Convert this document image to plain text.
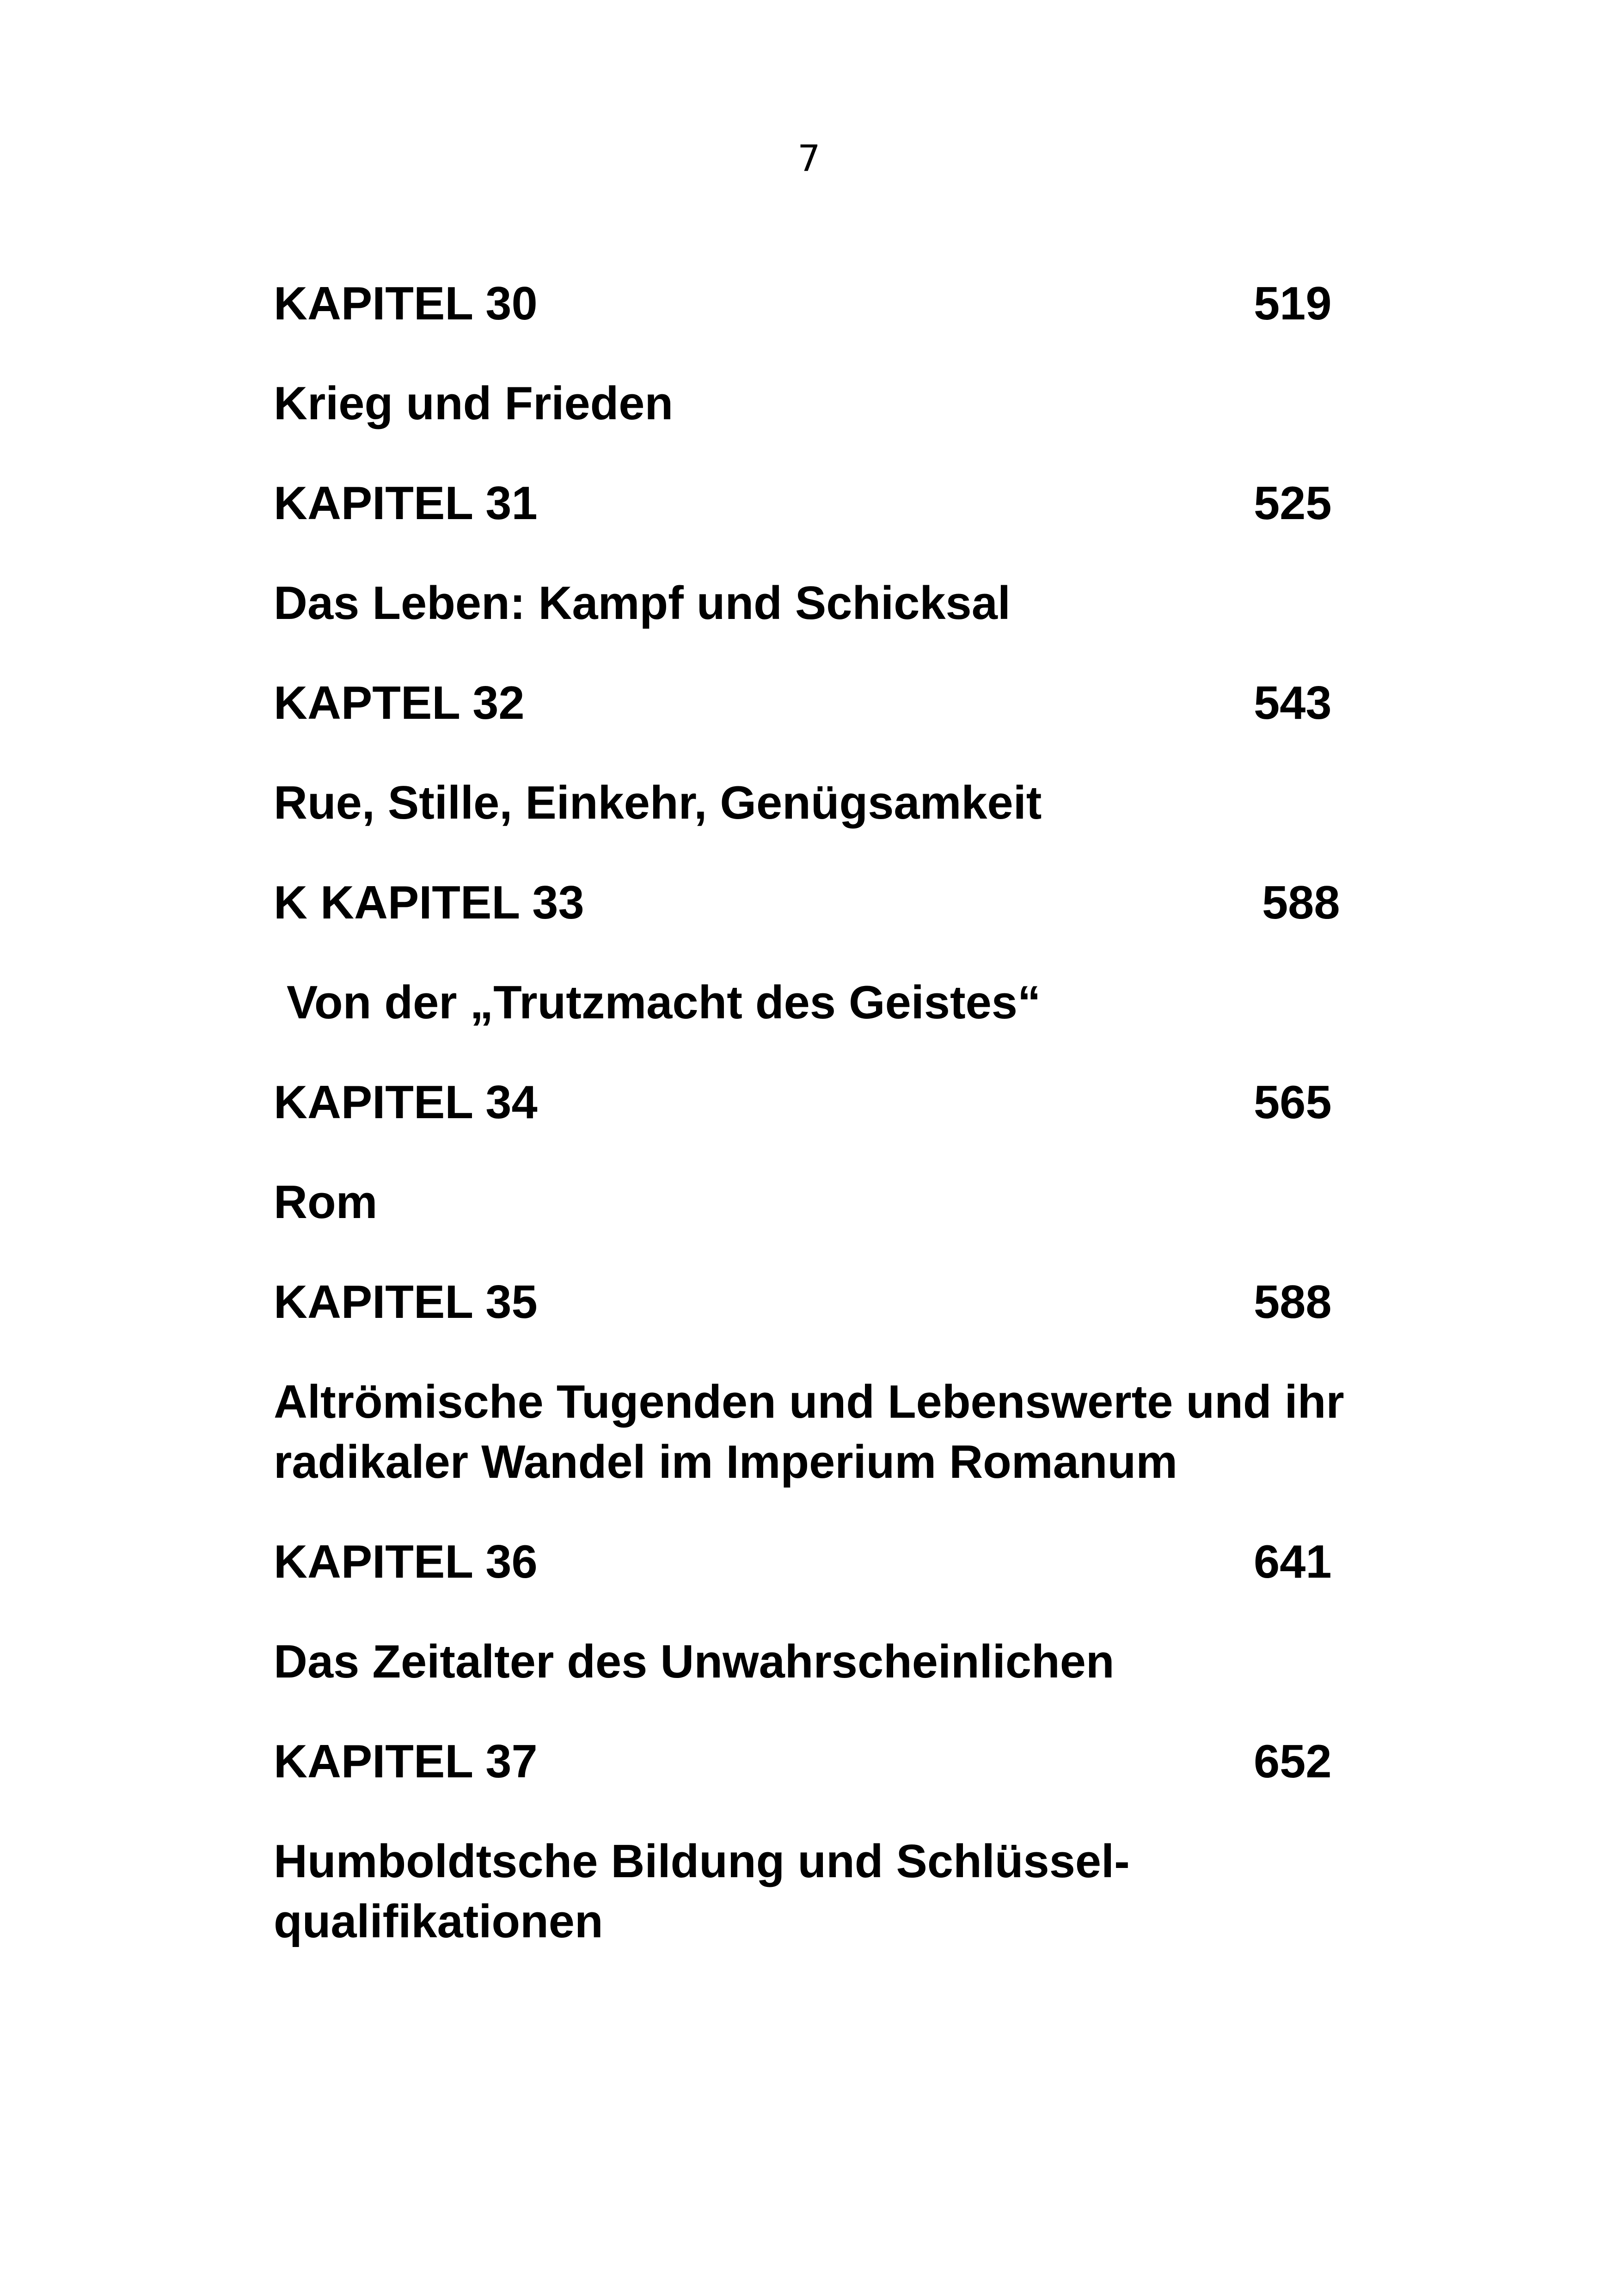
7
KAPITEL 30	519
Krieg und Frieden
KAPITEL 31	525
Das Leben: Kampf und Schicksal
KAPTEL 32	543
Rue, Stille, Einkehr, Genügsamkeit
K KAPITEL 33	588
Von der „Trutzmacht des Geistes“
KAPITEL 34	565
Rom
KAPITEL 35	588
Altrömische Tugenden und Lebenswerte und ihr
radikaler Wandel im Imperium Romanum
KAPITEL 36	641
Das Zeitalter des Unwahrscheinlichen
KAPITEL 37	652
Humboldtsche Bildung und Schlüssel-
qualifikationen
